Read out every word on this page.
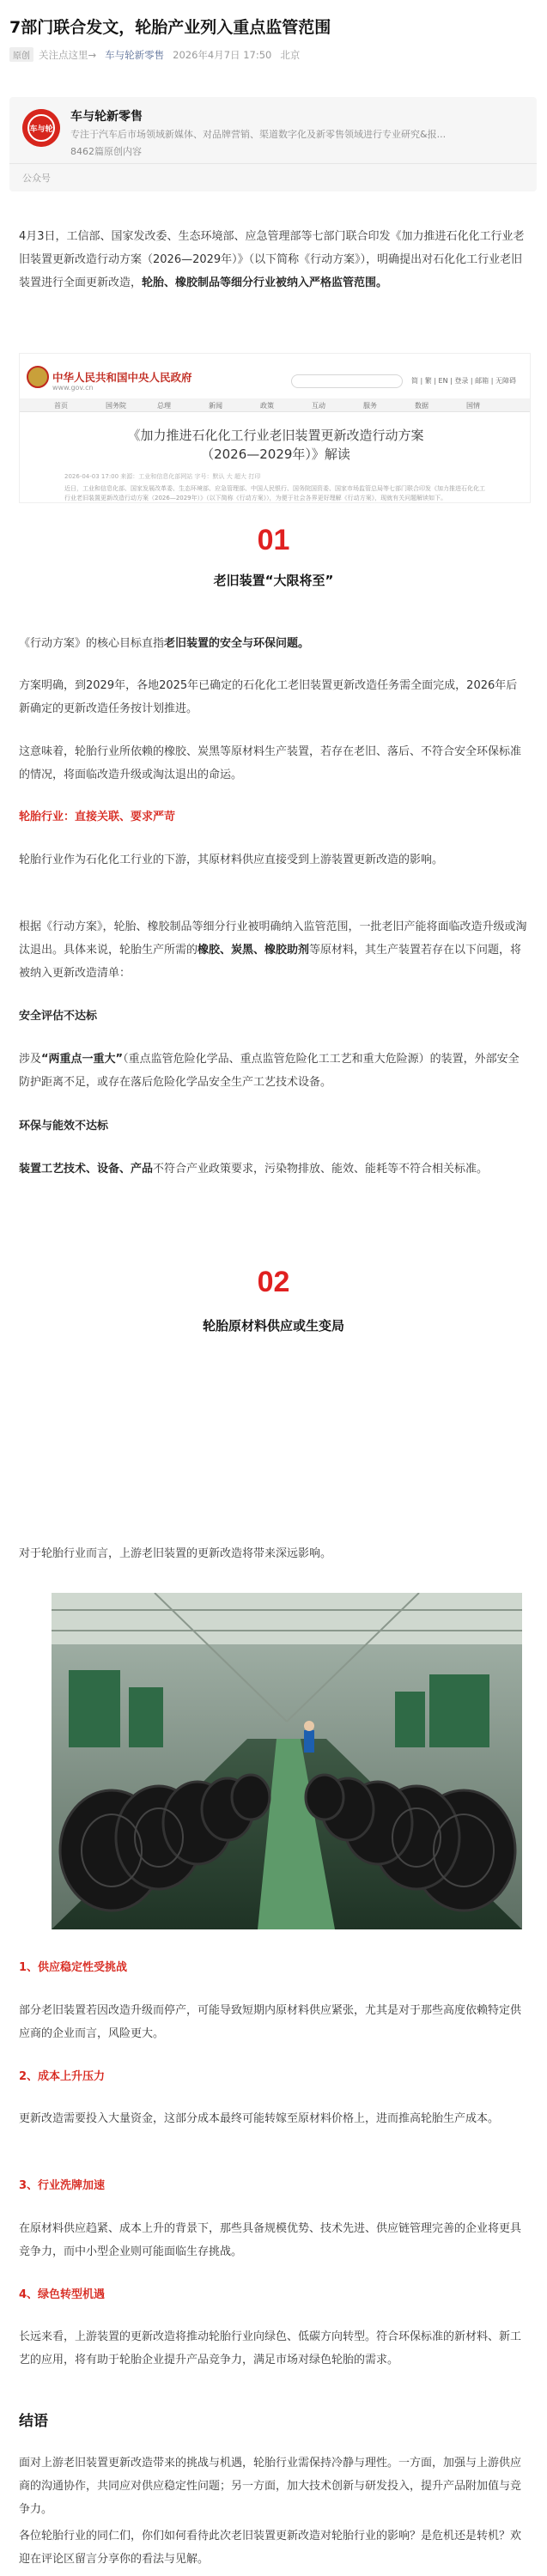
7部门联合发文，轮胎产业列入重点监管范围
原创 关注点这里→ 车与轮新零售 2026年4月7日 17:50 北京
车与轮
车与轮新零售
专注于汽车后市场领域新媒体、对品牌营销、渠道数字化及新零售领域进行专业研究&报...
8462篇原创内容
公众号
4月3日，工信部、国家发改委、生态环境部、应急管理部等七部门联合印发《加力推进石化化工行业老旧装置更新改造行动方案（2026—2029年）》（以下简称《行动方案》），明确提出对石化化工行业老旧装置进行全面更新改造，轮胎、橡胶制品等细分行业被纳入严格监管范围。
中华人民共和国中央人民政府
www.gov.cn
简 | 繁 | EN | 登录 | 邮箱 | 无障碍
首页	国务院	总理	新闻	政策	互动	服务	数据	国情
《加力推进石化化工行业老旧装置更新改造行动方案
（2026—2029年）》解读
2026-04-03 17:00 来源：工业和信息化部网站 字号：默认 大 超大 打印
近日，工业和信息化部、国家发展改革委、生态环境部、应急管理部、中国人民银行、国务院国资委、国家市场监管总局等七部门联合印发《加力推进石化化工行业老旧装置更新改造行动方案（2026—2029年）》（以下简称《行动方案》），为便于社会各界更好理解《行动方案》，现就有关问题解读如下。
01
老旧装置“大限将至”
《行动方案》的核心目标直指老旧装置的安全与环保问题。
方案明确，到2029年，各地2025年已确定的石化化工老旧装置更新改造任务需全面完成，2026年后新确定的更新改造任务按计划推进。
这意味着，轮胎行业所依赖的橡胶、炭黑等原材料生产装置，若存在老旧、落后、不符合安全环保标准的情况，将面临改造升级或淘汰退出的命运。
轮胎行业：直接关联、要求严苛
轮胎行业作为石化化工行业的下游，其原材料供应直接受到上游装置更新改造的影响。
根据《行动方案》，轮胎、橡胶制品等细分行业被明确纳入监管范围，一批老旧产能将面临改造升级或淘汰退出。具体来说，轮胎生产所需的橡胶、炭黑、橡胶助剂等原材料，其生产装置若存在以下问题，将被纳入更新改造清单：
安全评估不达标
涉及“两重点一重大”（重点监管危险化学品、重点监管危险化工工艺和重大危险源）的装置，外部安全防护距离不足，或存在落后危险化学品安全生产工艺技术设备。
环保与能效不达标
装置工艺技术、设备、产品不符合产业政策要求，污染物排放、能效、能耗等不符合相关标准。
02
轮胎原材料供应或生变局
对于轮胎行业而言，上游老旧装置的更新改造将带来深远影响。
1、供应稳定性受挑战
部分老旧装置若因改造升级而停产，可能导致短期内原材料供应紧张，尤其是对于那些高度依赖特定供应商的企业而言，风险更大。
2、成本上升压力
更新改造需要投入大量资金，这部分成本最终可能转嫁至原材料价格上，进而推高轮胎生产成本。
3、行业洗牌加速
在原材料供应趋紧、成本上升的背景下，那些具备规模优势、技术先进、供应链管理完善的企业将更具竞争力，而中小型企业则可能面临生存挑战。
4、绿色转型机遇
长远来看，上游装置的更新改造将推动轮胎行业向绿色、低碳方向转型。符合环保标准的新材料、新工艺的应用，将有助于轮胎企业提升产品竞争力，满足市场对绿色轮胎的需求。
结语
面对上游老旧装置更新改造带来的挑战与机遇，轮胎行业需保持冷静与理性。一方面，加强与上游供应商的沟通协作，共同应对供应稳定性问题；另一方面，加大技术创新与研发投入，提升产品附加值与竞争力。
各位轮胎行业的同仁们，你们如何看待此次老旧装置更新改造对轮胎行业的影响？是危机还是转机？欢迎在评论区留言分享你的看法与见解。
